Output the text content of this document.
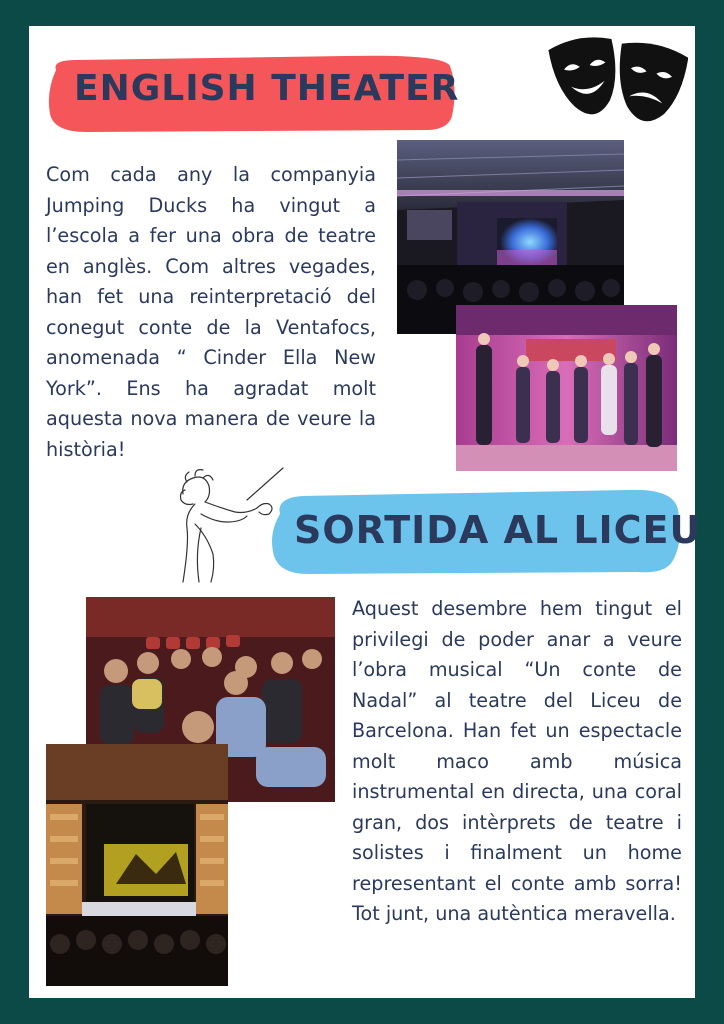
ENGLISH THEATER
Com cada any la companyia Jumping Ducks ha vingut a l’escola a fer una obra de teatre en anglès. Com altres vegades, han fet una reinterpretació del conegut conte de la Ventafocs, anomenada “ Cinder Ella New York”. Ens ha agradat molt aquesta nova manera de veure la història!
SORTIDA AL LICEU
Aquest desembre hem tingut el privilegi de poder anar a veure l’obra musical “Un conte de Nadal” al teatre del Liceu de Barcelona. Han fet un espectacle molt maco amb música instrumental en directa, una coral gran, dos intèrprets de teatre i solistes i finalment un home representant el conte amb sorra! Tot junt, una autèntica meravella.
